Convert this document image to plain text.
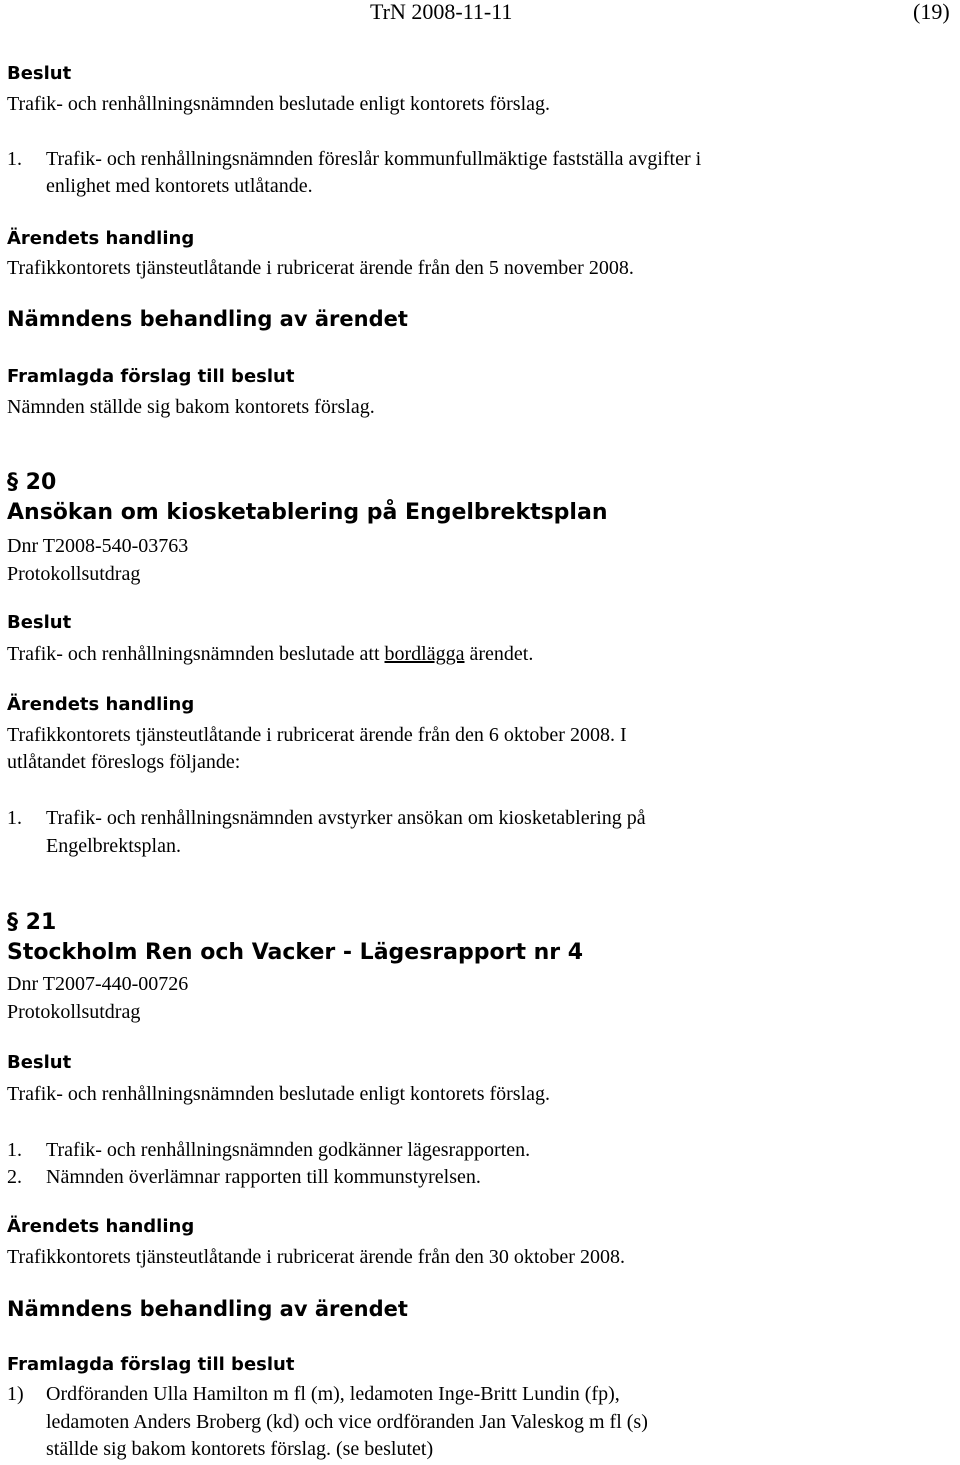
TrN 2008-11-11	(19)
Beslut
Trafik- och renhållningsnämnden beslutade enligt kontorets förslag.
1. Trafik- och renhållningsnämnden föreslår kommunfullmäktige fastställa avgifter i
enlighet med kontorets utlåtande.
Ärendets handling
Trafikkontorets tjänsteutlåtande i rubricerat ärende från den 5 november 2008.
Nämndens behandling av ärendet
Framlagda förslag till beslut
Nämnden ställde sig bakom kontorets förslag.
§ 20
Ansökan om kiosketablering på Engelbrektsplan
Dnr T2008-540-03763
Protokollsutdrag
Beslut
Trafik- och renhållningsnämnden beslutade att bordlägga ärendet.
Ärendets handling
Trafikkontorets tjänsteutlåtande i rubricerat ärende från den 6 oktober 2008. I
utlåtandet föreslogs följande:
1. Trafik- och renhållningsnämnden avstyrker ansökan om kiosketablering på
Engelbrektsplan.
§ 21
Stockholm Ren och Vacker - Lägesrapport nr 4
Dnr T2007-440-00726
Protokollsutdrag
Beslut
Trafik- och renhållningsnämnden beslutade enligt kontorets förslag.
1. Trafik- och renhållningsnämnden godkänner lägesrapporten.
2. Nämnden överlämnar rapporten till kommunstyrelsen.
Ärendets handling
Trafikkontorets tjänsteutlåtande i rubricerat ärende från den 30 oktober 2008.
Nämndens behandling av ärendet
Framlagda förslag till beslut
1) Ordföranden Ulla Hamilton m fl (m), ledamoten Inge-Britt Lundin (fp),
ledamoten Anders Broberg (kd) och vice ordföranden Jan Valeskog m fl (s)
ställde sig bakom kontorets förslag. (se beslutet)
